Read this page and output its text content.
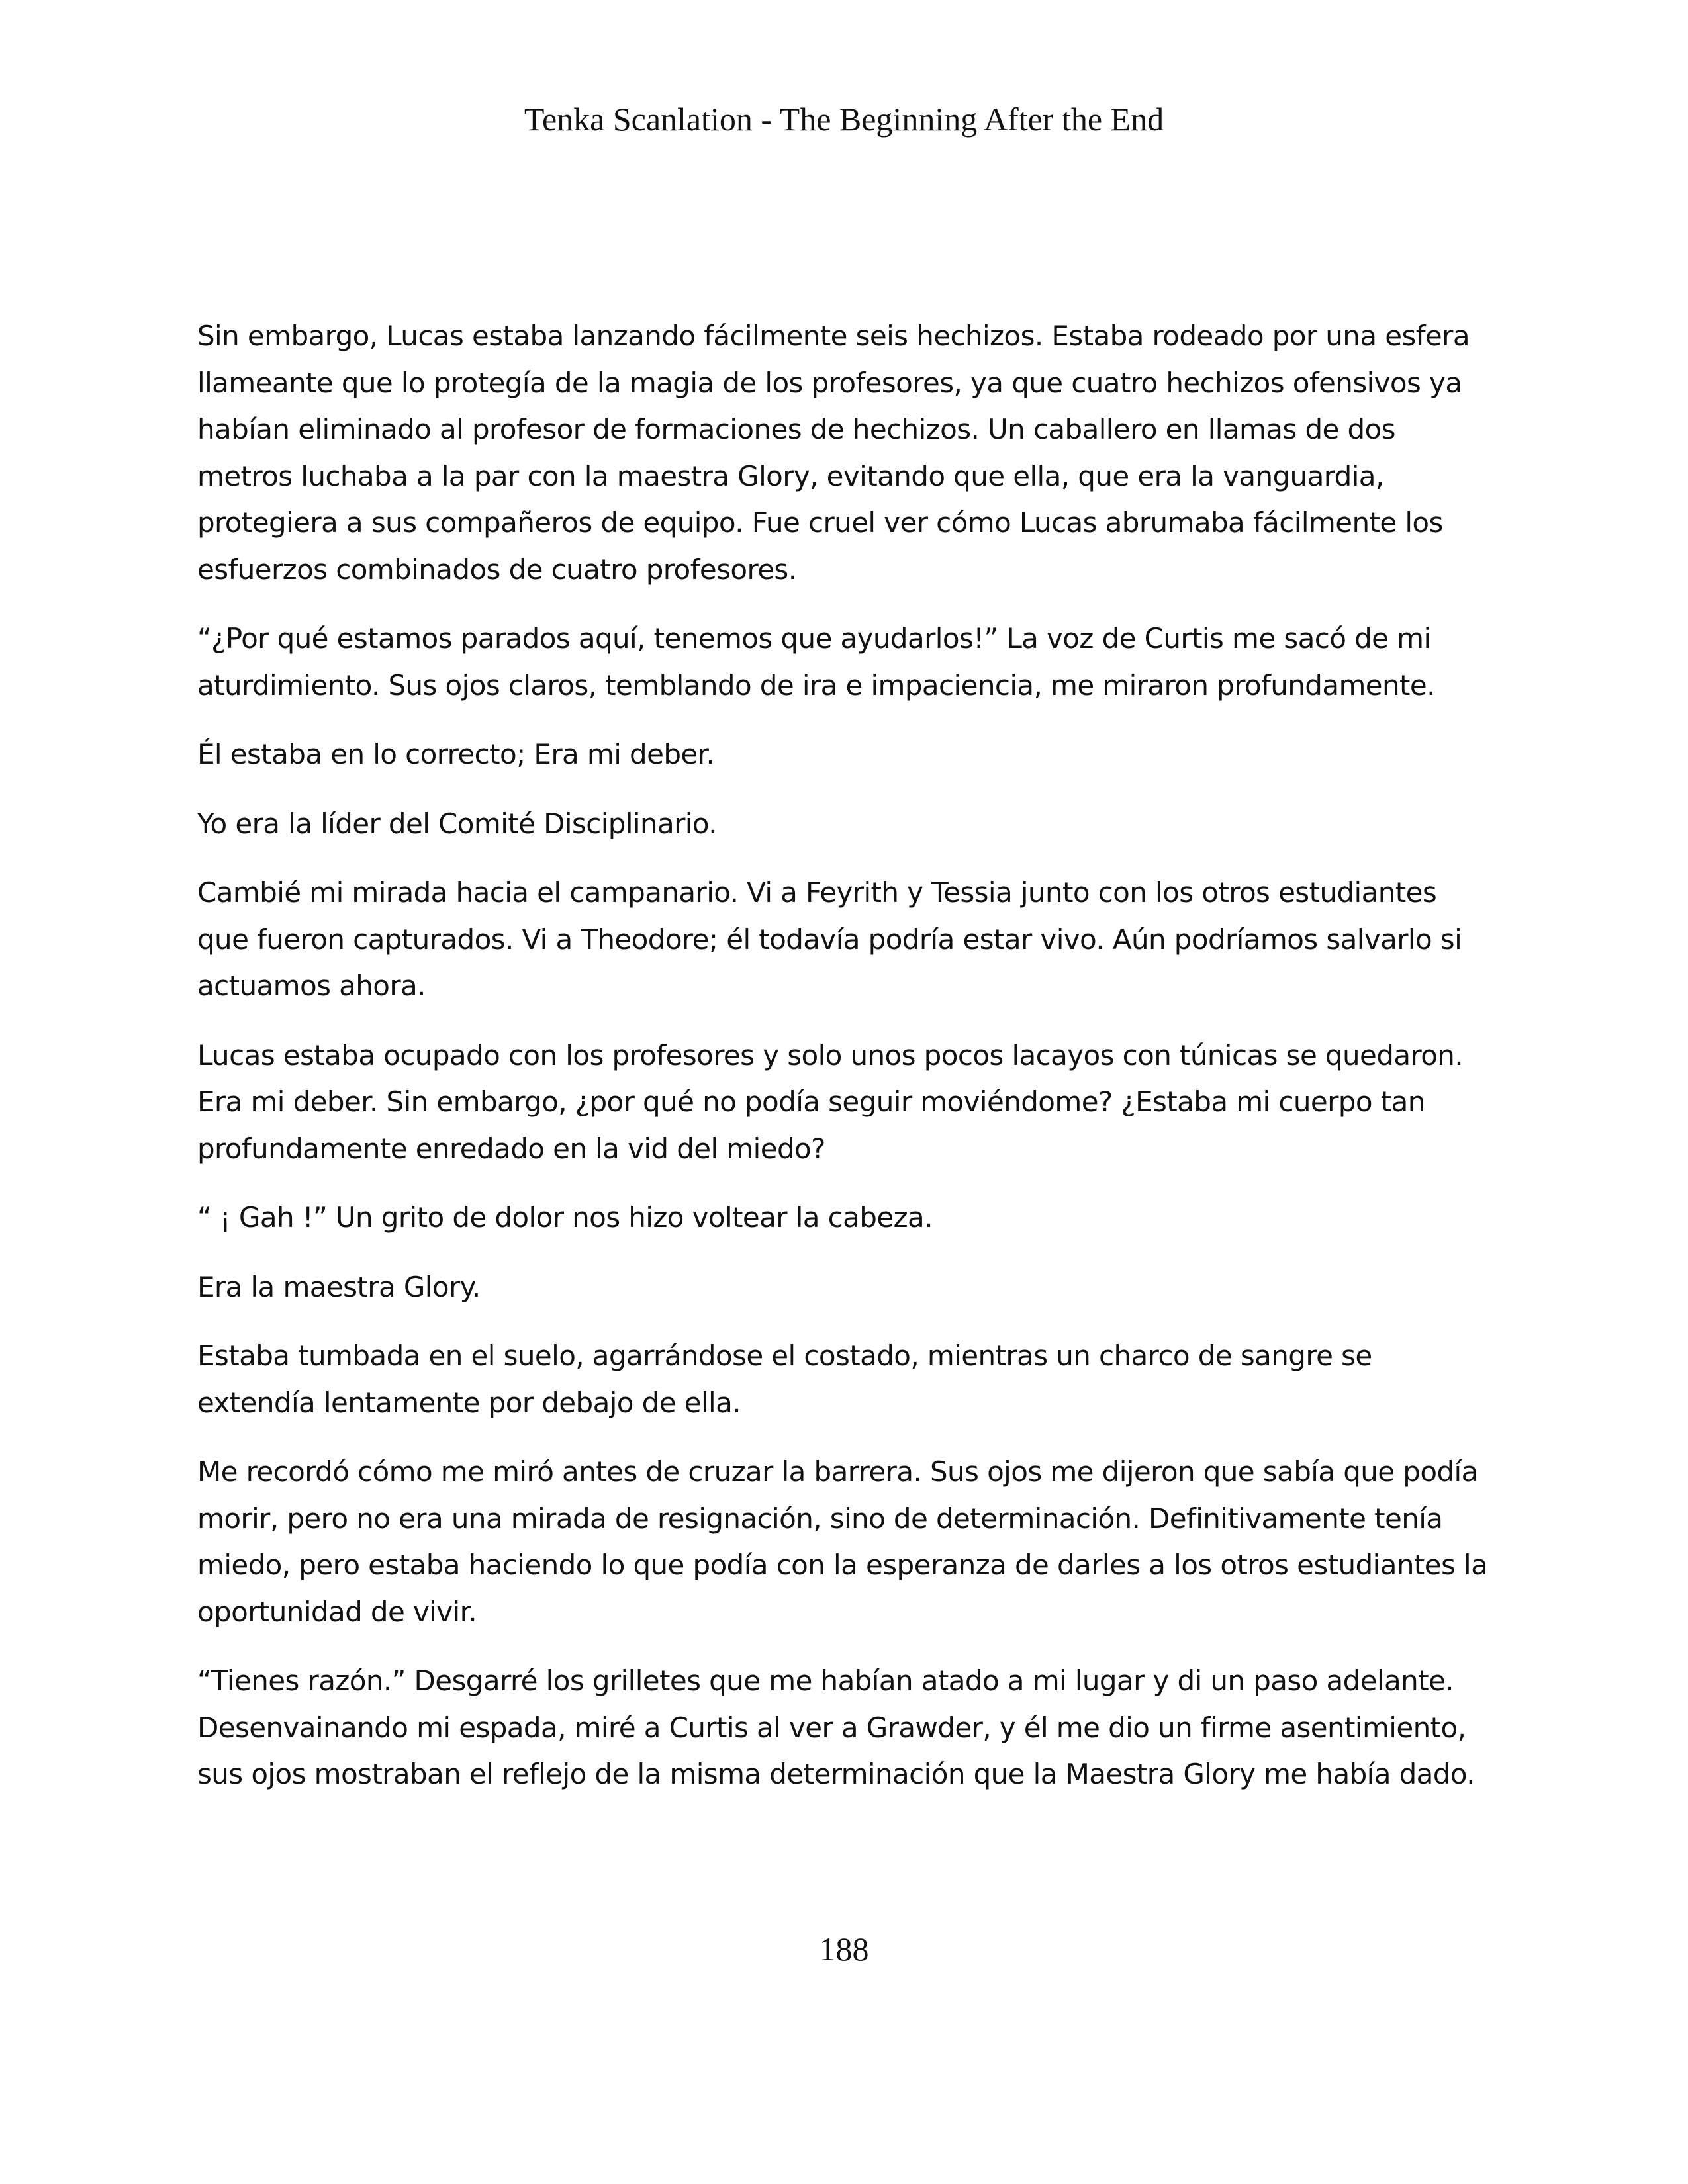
Tenka Scanlation - The Beginning After the End

Sin embargo, Lucas estaba lanzando fácilmente seis hechizos. Estaba rodeado por una esfera llameante que lo protegía de la magia de los profesores, ya que cuatro hechizos ofensivos ya habían eliminado al profesor de formaciones de hechizos. Un caballero en llamas de dos metros luchaba a la par con la maestra Glory, evitando que ella, que era la vanguardia, protegiera a sus compañeros de equipo. Fue cruel ver cómo Lucas abrumaba fácilmente los esfuerzos combinados de cuatro profesores.

“¿Por qué estamos parados aquí, tenemos que ayudarlos!” La voz de Curtis me sacó de mi aturdimiento. Sus ojos claros, temblando de ira e impaciencia, me miraron profundamente.

Él estaba en lo correcto; Era mi deber.

Yo era la líder del Comité Disciplinario.

Cambié mi mirada hacia el campanario. Vi a Feyrith y Tessia junto con los otros estudiantes que fueron capturados. Vi a Theodore; él todavía podría estar vivo. Aún podríamos salvarlo si actuamos ahora.

Lucas estaba ocupado con los profesores y solo unos pocos lacayos con túnicas se quedaron. Era mi deber. Sin embargo, ¿por qué no podía seguir moviéndome? ¿Estaba mi cuerpo tan profundamente enredado en la vid del miedo?

“ ¡ Gah !” Un grito de dolor nos hizo voltear la cabeza.

Era la maestra Glory.

Estaba tumbada en el suelo, agarrándose el costado, mientras un charco de sangre se extendía lentamente por debajo de ella.

Me recordó cómo me miró antes de cruzar la barrera. Sus ojos me dijeron que sabía que podía morir, pero no era una mirada de resignación, sino de determinación. Definitivamente tenía miedo, pero estaba haciendo lo que podía con la esperanza de darles a los otros estudiantes la oportunidad de vivir.

“Tienes razón.” Desgarré los grilletes que me habían atado a mi lugar y di un paso adelante. Desenvainando mi espada, miré a Curtis al ver a Grawder, y él me dio un firme asentimiento, sus ojos mostraban el reflejo de la misma determinación que la Maestra Glory me había dado.

188
